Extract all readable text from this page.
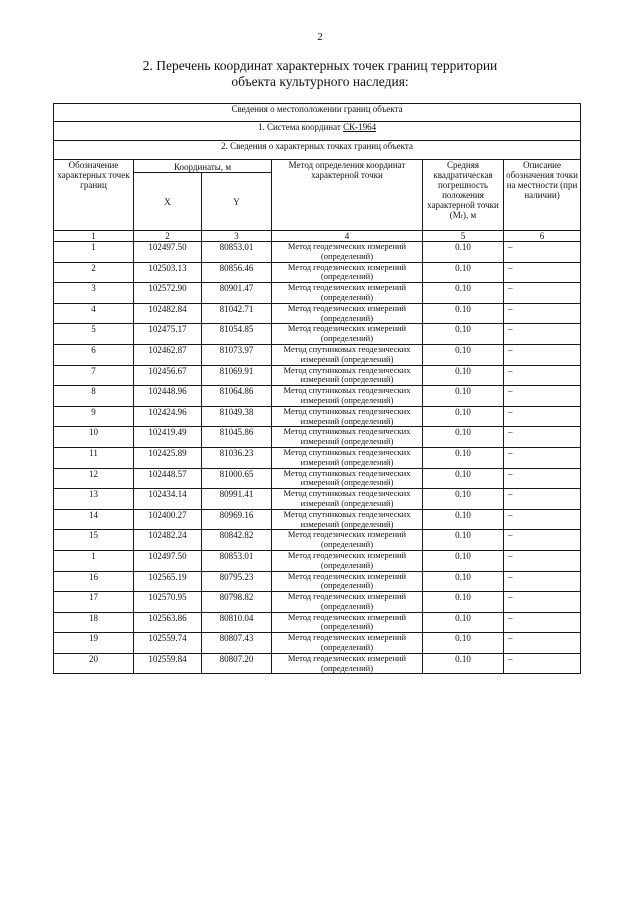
2
2. Перечень координат характерных точек границ территории
объекта культурного наследия:
Сведения о местоположении границ объекта					
1. Система координат СК-1964					
2. Сведения о характерных точках границ объекта					
Обозначение характерных точек границ	Координаты, м		Метод определения координат характерной точки	Средняя квадратическая погрешность положения характерной точки (Mₜ), м	Описание обозначения точки на местности (при наличии)
	X	Y			
1	2	3	4	5	6
1	102497.50	80853.01	Метод геодезических измерений (определений)	0.10	–
2	102503.13	80856.46	Метод геодезических измерений (определений)	0.10	–
3	102572.90	80901.47	Метод геодезических измерений (определений)	0.10	–
4	102482.84	81042.71	Метод геодезических измерений (определений)	0.10	–
5	102475.17	81054.85	Метод геодезических измерений (определений)	0.10	–
6	102462.87	81073.97	Метод спутниковых геодезических измерений (определений)	0.10	–
7	102456.67	81069.91	Метод спутниковых геодезических измерений (определений)	0.10	–
8	102448.96	81064.86	Метод спутниковых геодезических измерений (определений)	0.10	–
9	102424.96	81049.38	Метод спутниковых геодезических измерений (определений)	0.10	–
10	102419.49	81045.86	Метод спутниковых геодезических измерений (определений)	0.10	–
11	102425.89	81036.23	Метод спутниковых геодезических измерений (определений)	0.10	–
12	102448.57	81000.65	Метод спутниковых геодезических измерений (определений)	0.10	–
13	102434.14	80991.41	Метод спутниковых геодезических измерений (определений)	0.10	–
14	102400.27	80969.16	Метод спутниковых геодезических измерений (определений)	0.10	–
15	102482.24	80842.82	Метод геодезических измерений (определений)	0.10	–
1	102497.50	80853.01	Метод геодезических измерений (определений)	0.10	–
16	102565.19	80795.23	Метод геодезических измерений (определений)	0.10	–
17	102570.95	80798.82	Метод геодезических измерений (определений)	0.10	–
18	102563.86	80810.04	Метод геодезических измерений (определений)	0.10	–
19	102559.74	80807.43	Метод геодезических измерений (определений)	0.10	–
20	102559.84	80807.20	Метод геодезических измерений (определений)	0.10	–
